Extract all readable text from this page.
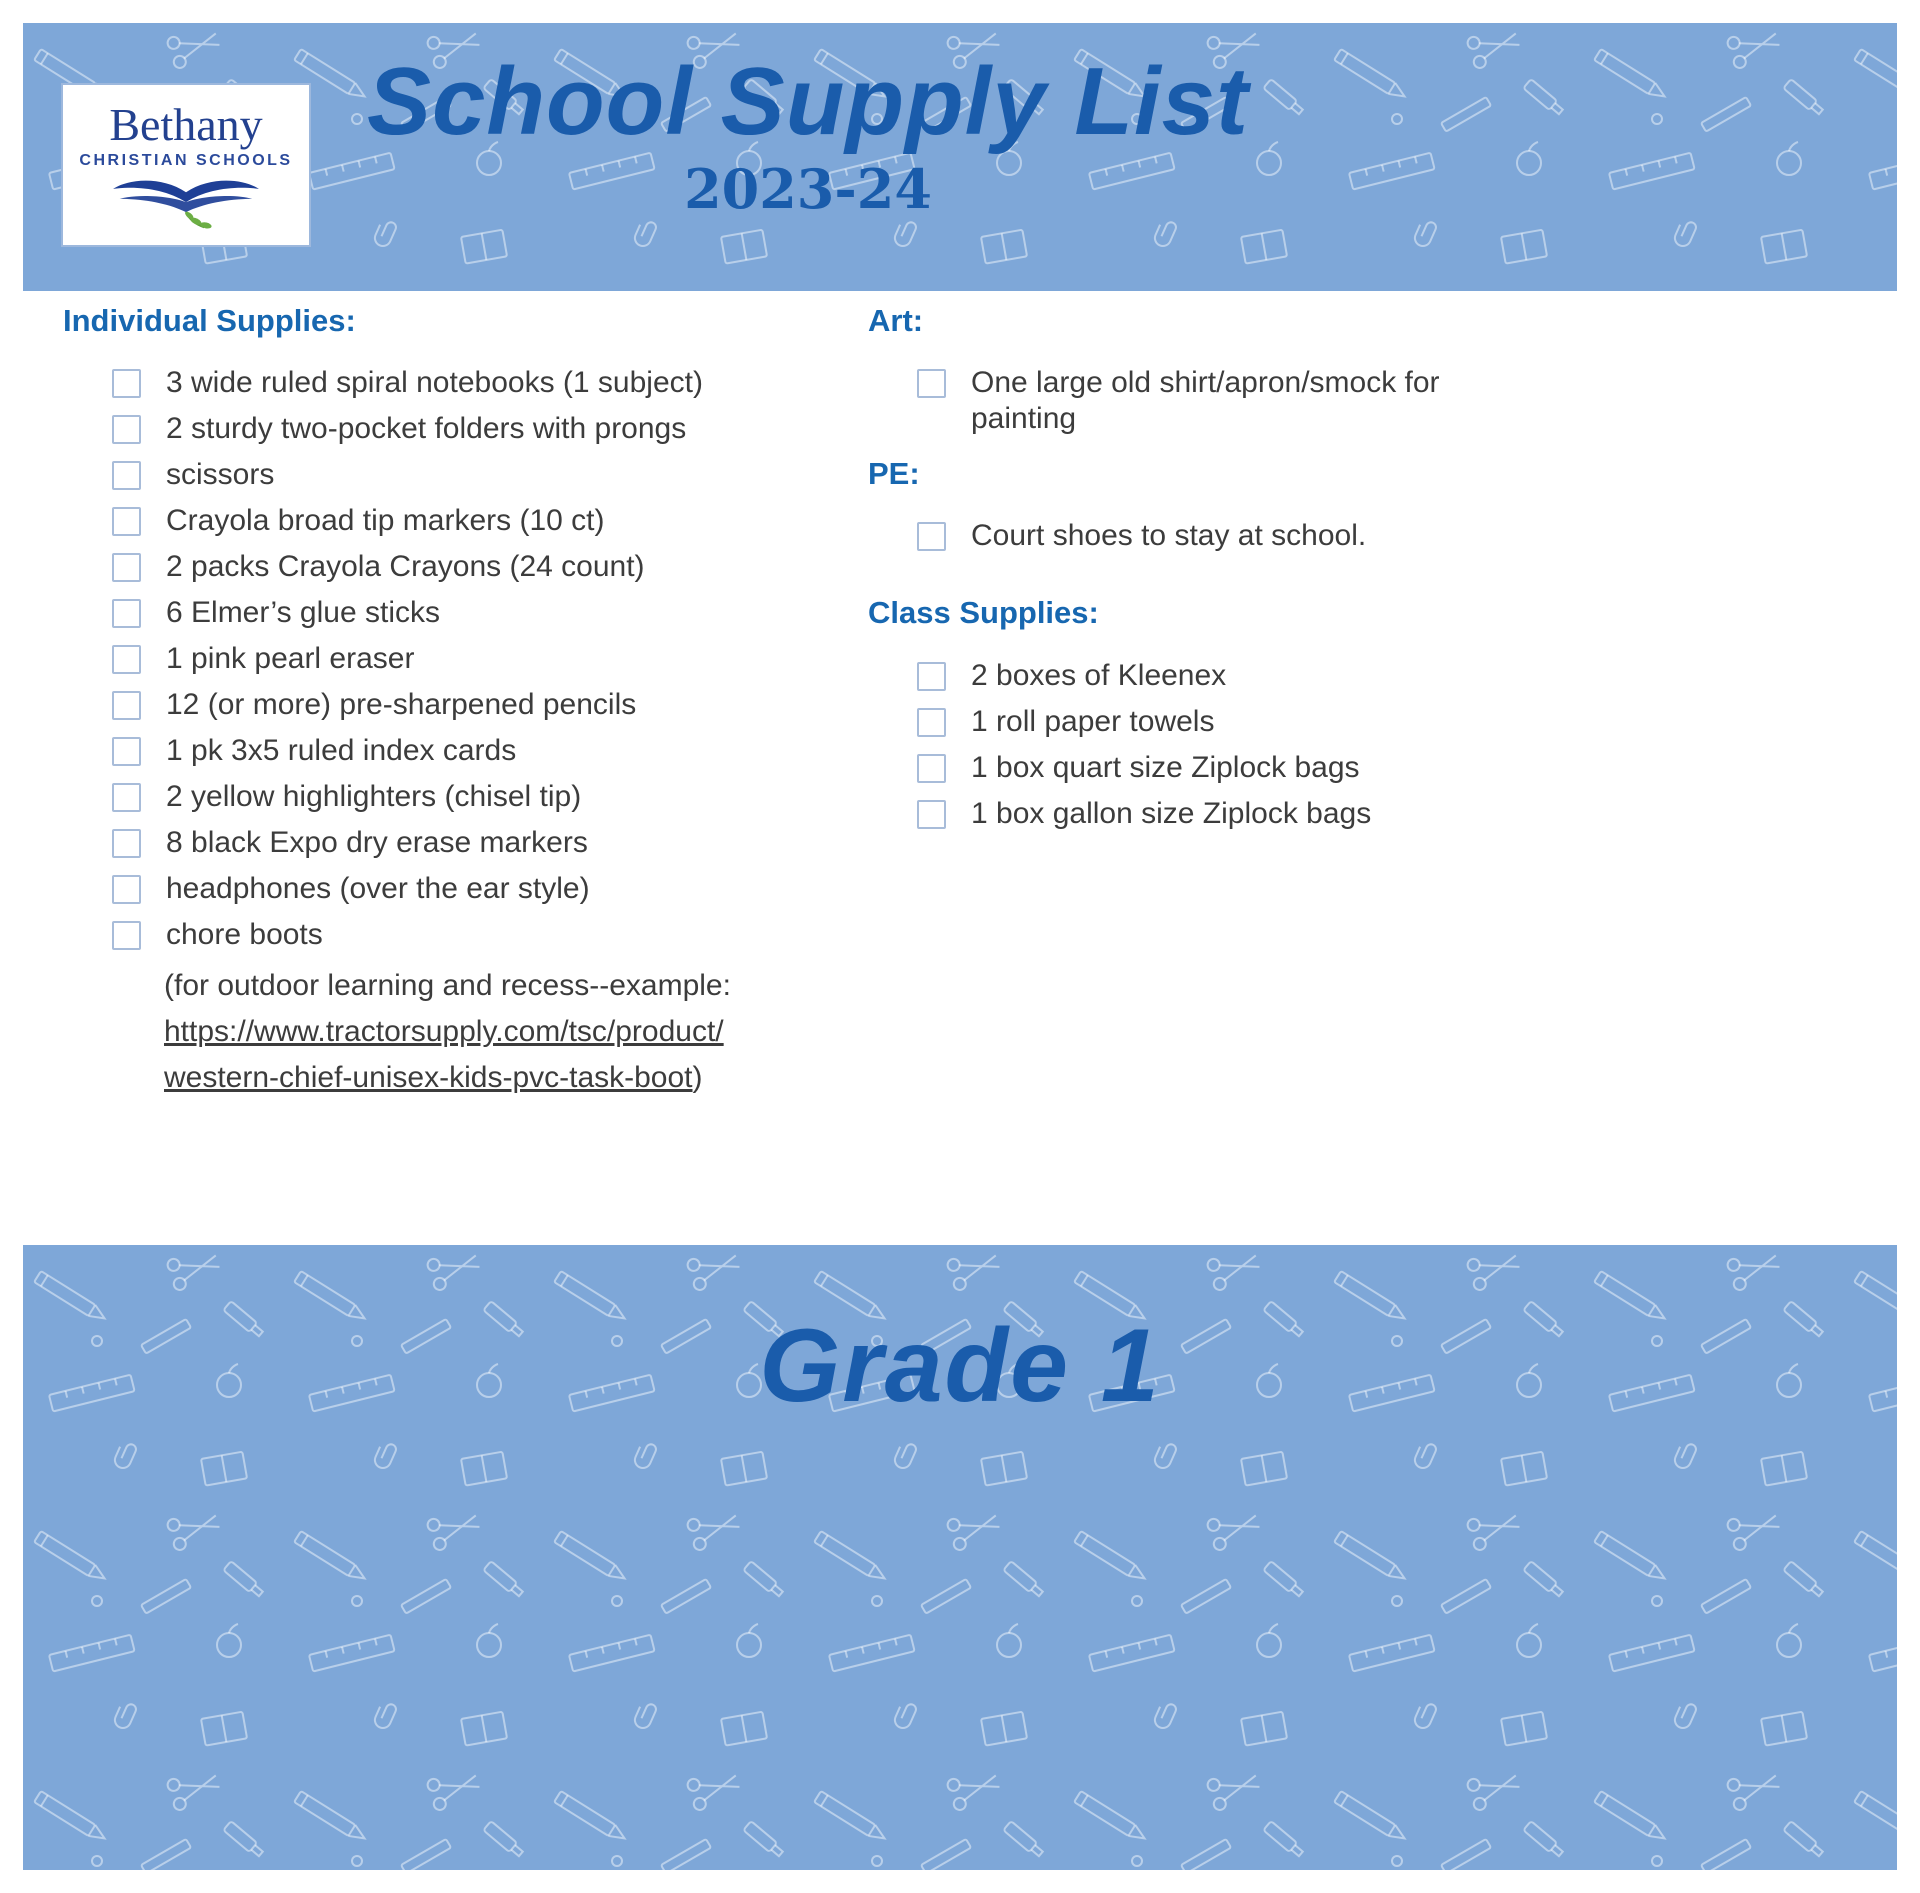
Bethany
CHRISTIAN SCHOOLS
School Supply List
2023-24
Individual Supplies:
3 wide ruled spiral notebooks (1 subject)
2 sturdy two-pocket folders with prongs
scissors
Crayola broad tip markers (10 ct)
2 packs Crayola Crayons (24 count)
6 Elmer’s glue sticks
1 pink pearl eraser
12 (or more) pre-sharpened pencils
1 pk 3x5 ruled index cards
2 yellow highlighters (chisel tip)
8 black Expo dry erase markers
headphones (over the ear style)
chore boots
(for outdoor learning and recess--example:
https://www.tractorsupply.com/tsc/product/
western-chief-unisex-kids-pvc-task-boot)
Art:
One large old shirt/apron/smock for painting
PE:
Court shoes to stay at school.
Class Supplies:
2 boxes of Kleenex
1 roll paper towels
1 box quart size Ziplock bags
1 box gallon size Ziplock bags
Grade 1
